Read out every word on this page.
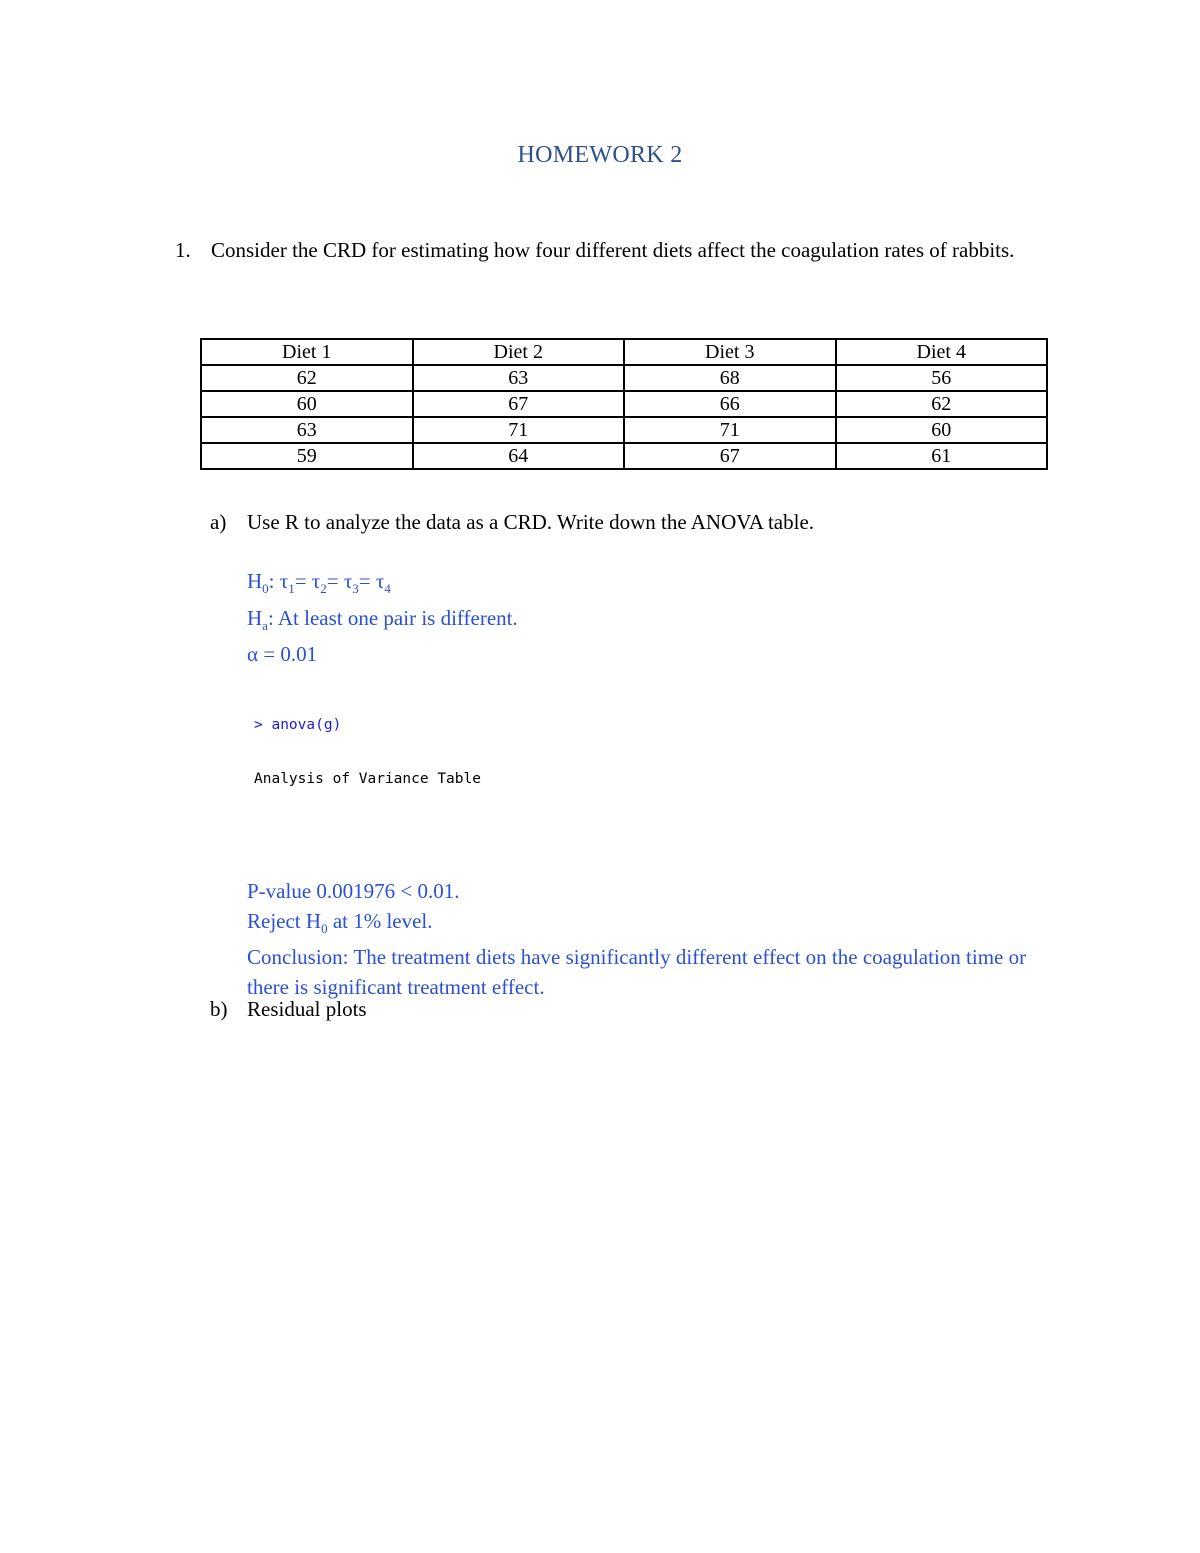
HOMEWORK 2
1. Consider the CRD for estimating how four different diets affect the coagulation rates of rabbits.
Diet 1	Diet 2	Diet 3	Diet 4
62	63	68	56
60	67	66	62
63	71	71	60
59	64	67	61
a) Use R to analyze the data as a CRD. Write down the ANOVA table.
$H_0$: $\tau_1= \tau_2= \tau_3= \tau_4$
$H_a$: At least one pair is different.
α = 0.01

> anova(g)

Analysis of Variance Table

P-value 0.001976 < 0.01.
Reject $H_0$ at 1% level.
Conclusion: The treatment diets have significantly different effect on the coagulation time or there is significant treatment effect.
b) Residual plots
